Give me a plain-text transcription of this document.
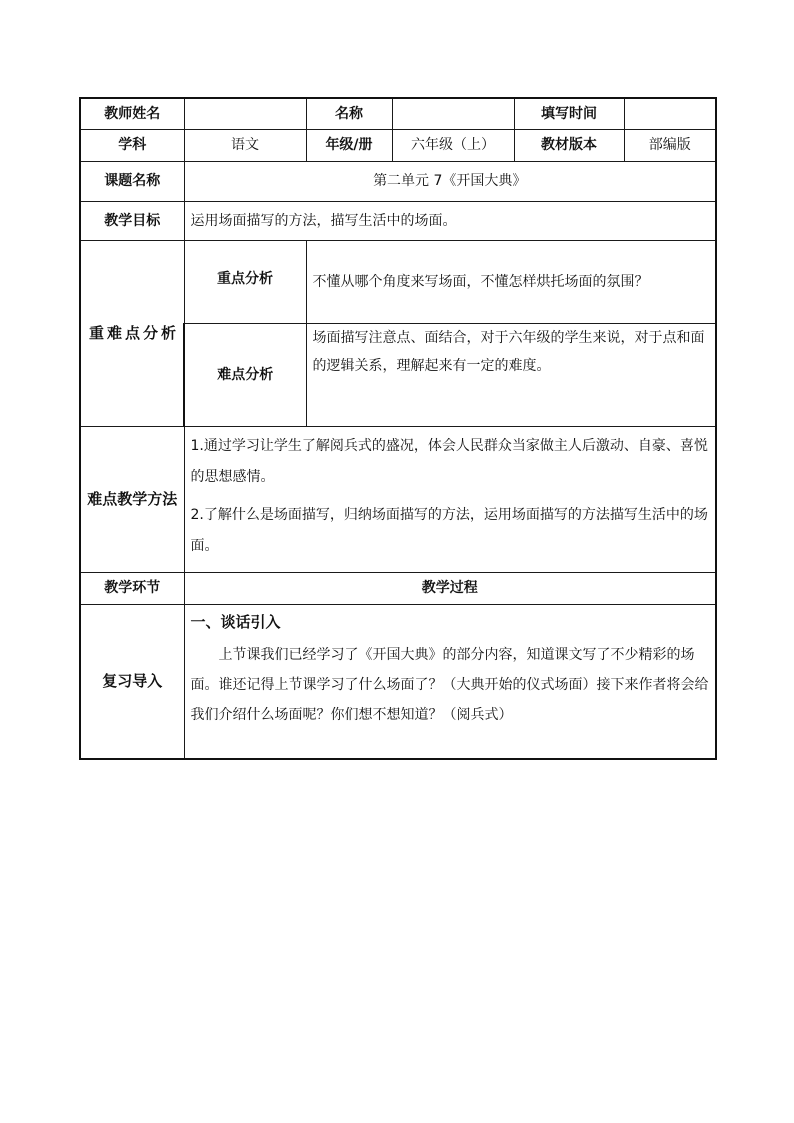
教师姓名		名称		填写时间	
学科	语文	年级/册	六年级（上）	教材版本	部编版
课题名称	第二单元 7《开国大典》				
教学目标	运用场面描写的方法，描写生活中的场面。				
重难点分析	重点分析	不懂从哪个角度来写场面，不懂怎样烘托场面的氛围？			
	难点分析	场面描写注意点、面结合，对于六年级的学生来说，对于点和面的逻辑关系，理解起来有一定的难度。			

难点教学方法	1.通过学习让学生了解阅兵式的盛况，体会人民群众当家做主人后激动、自豪、喜悦的思想感情。

2.了解什么是场面描写，归纳场面描写的方法，运用场面描写的方法描写生活中的场面。				

教学环节	教学过程				
复习导入	一、谈话引入

上节课我们已经学习了《开国大典》的部分内容，知道课文写了不少精彩的场面。谁还记得上节课学习了什么场面了？（大典开始的仪式场面）接下来作者将会给我们介绍什么场面呢？你们想不想知道？（阅兵式）				
